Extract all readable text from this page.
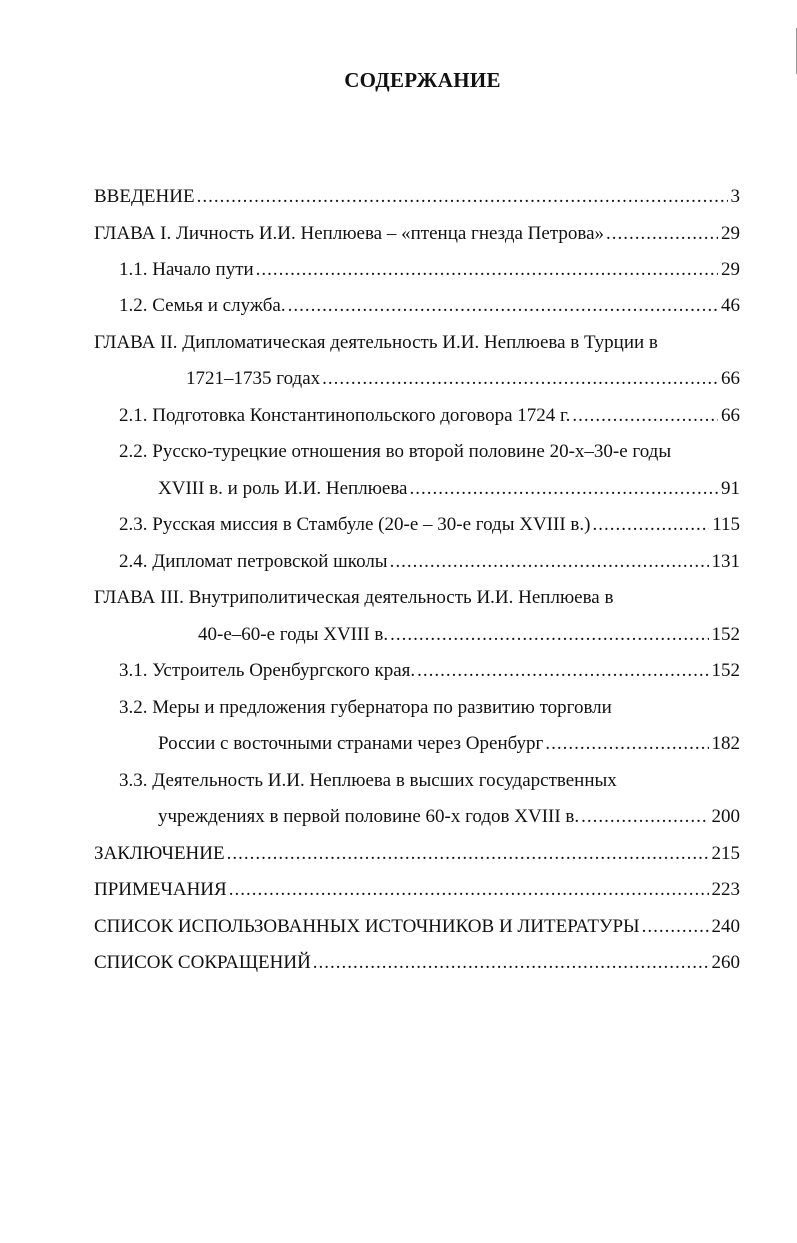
СОДЕРЖАНИЕ
ВВЕДЕНИЕ .....	3
ГЛАВА I. Личность И.И. Неплюева – «птенца гнезда Петрова» .....	29
1.1. Начало пути .....	29
1.2. Семья и служба. .....	46
ГЛАВА II. Дипломатическая деятельность И.И. Неплюева в Турции в
1721–1735 годах .....	66
2.1. Подготовка Константинопольского договора 1724 г. .....	66
2.2. Русско-турецкие отношения во второй половине 20-х–30-е годы
XVIII в. и роль И.И. Неплюева .....	91
2.3. Русская миссия в Стамбуле (20-е – 30-е годы XVIII в.) .....	115
2.4. Дипломат петровской школы .....	131
ГЛАВА III. Внутриполитическая деятельность И.И. Неплюева в
40-е–60-е годы XVIII в. .....	152
3.1. Устроитель Оренбургского края. .....	152
3.2. Меры и предложения губернатора по развитию торговли
России с восточными странами через Оренбург .....	182
3.3. Деятельность И.И. Неплюева в высших государственных
учреждениях в первой половине 60-х годов XVIII в. .....	200
ЗАКЛЮЧЕНИЕ .....	215
ПРИМЕЧАНИЯ .....	223
СПИСОК ИСПОЛЬЗОВАННЫХ ИСТОЧНИКОВ И ЛИТЕРАТУРЫ .....	240
СПИСОК СОКРАЩЕНИЙ .....	260
